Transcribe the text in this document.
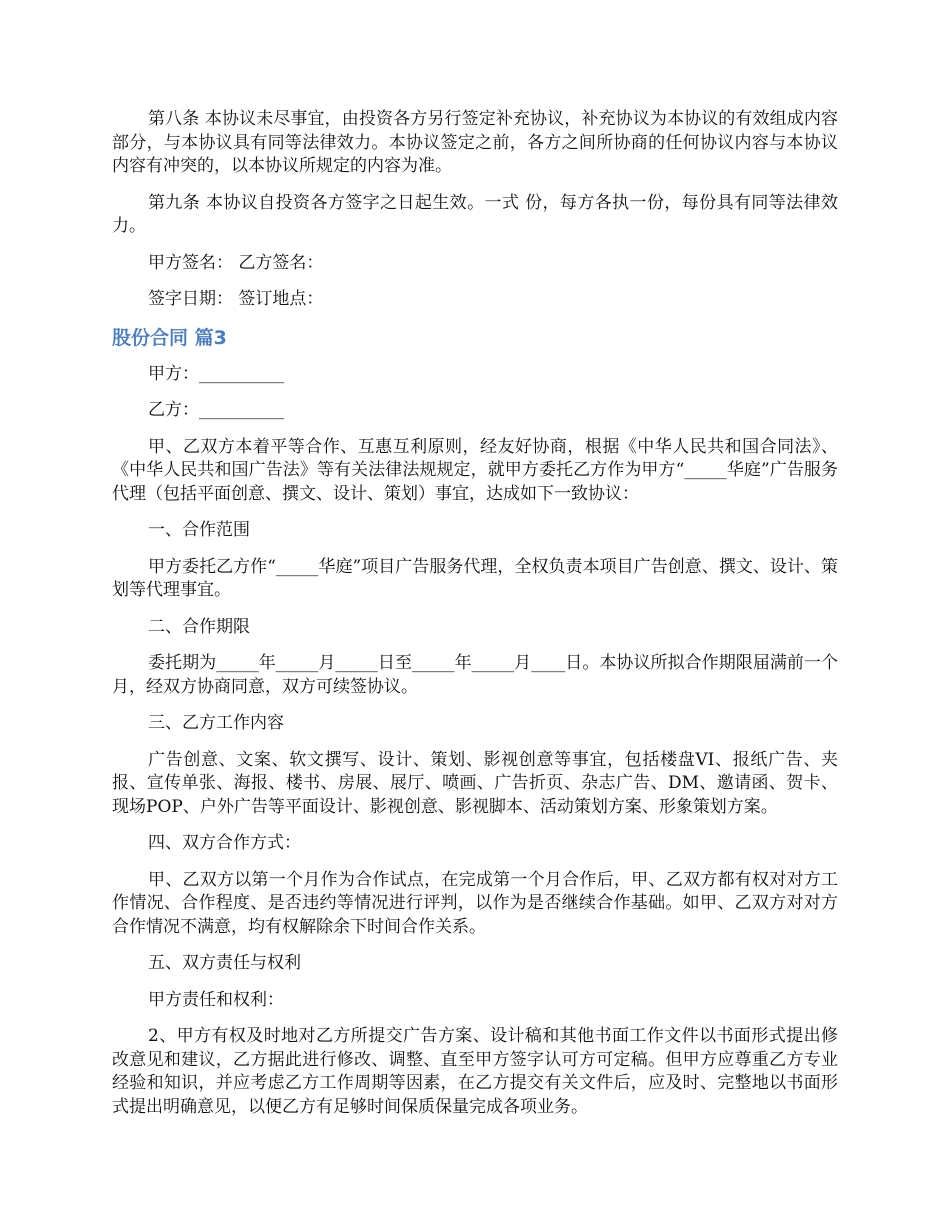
第八条 本协议未尽事宜，由投资各方另行签定补充协议，补充协议为本协议的有效组成内容部分，与本协议具有同等法律效力。本协议签定之前，各方之间所协商的任何协议内容与本协议内容有冲突的，以本协议所规定的内容为准。

第九条 本协议自投资各方签字之日起生效。一式 份，每方各执一份，每份具有同等法律效力。

甲方签名： 乙方签名：

签字日期： 签订地点：

股份合同 篇3

甲方：__________

乙方：__________

甲、乙双方本着平等合作、互惠互利原则，经友好协商，根据《中华人民共和国合同法》、《中华人民共和国广告法》等有关法律法规规定，就甲方委托乙方作为甲方“_____华庭”广告服务代理（包括平面创意、撰文、设计、策划）事宜，达成如下一致协议：

一、合作范围

甲方委托乙方作“_____华庭”项目广告服务代理，全权负责本项目广告创意、撰文、设计、策划等代理事宜。

二、合作期限

委托期为_____年_____月_____日至_____年_____月____日。本协议所拟合作期限届满前一个月，经双方协商同意，双方可续签协议。

三、乙方工作内容

广告创意、文案、软文撰写、设计、策划、影视创意等事宜，包括楼盘VI、报纸广告、夹报、宣传单张、海报、楼书、房展、展厅、喷画、广告折页、杂志广告、DM、邀请函、贺卡、现场POP、户外广告等平面设计、影视创意、影视脚本、活动策划方案、形象策划方案。

四、双方合作方式：

甲、乙双方以第一个月作为合作试点，在完成第一个月合作后，甲、乙双方都有权对对方工作情况、合作程度、是否违约等情况进行评判，以作为是否继续合作基础。如甲、乙双方对对方合作情况不满意，均有权解除余下时间合作关系。

五、双方责任与权利

甲方责任和权利：

2、甲方有权及时地对乙方所提交广告方案、设计稿和其他书面工作文件以书面形式提出修改意见和建议，乙方据此进行修改、调整、直至甲方签字认可方可定稿。但甲方应尊重乙方专业经验和知识，并应考虑乙方工作周期等因素，在乙方提交有关文件后，应及时、完整地以书面形式提出明确意见，以便乙方有足够时间保质保量完成各项业务。
